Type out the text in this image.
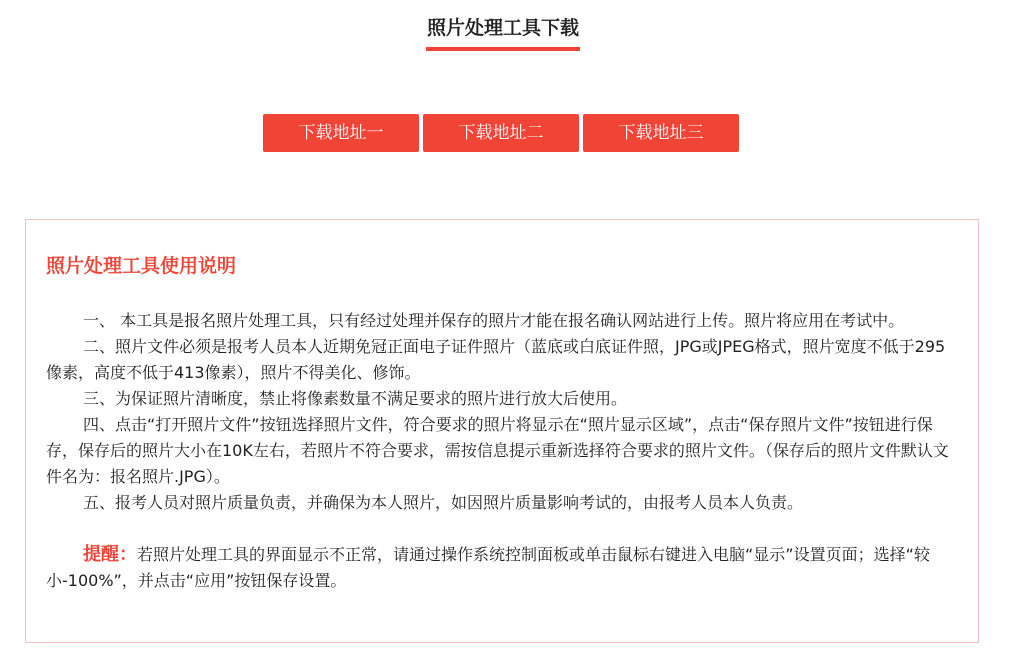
照片处理工具下载
下载地址一	下载地址二	下载地址三
照片处理工具使用说明

一、 本工具是报名照片处理工具，只有经过处理并保存的照片才能在报名确认网站进行上传。照片将应用在考试中。

二、照片文件必须是报考人员本人近期免冠正面电子证件照片（蓝底或白底证件照，JPG或JPEG格式，照片宽度不低于295像素，高度不低于413像素），照片不得美化、修饰。

三、为保证照片清晰度，禁止将像素数量不满足要求的照片进行放大后使用。

四、点击“打开照片文件”按钮选择照片文件，符合要求的照片将显示在“照片显示区域”，点击“保存照片文件”按钮进行保存，保存后的照片大小在10K左右，若照片不符合要求，需按信息提示重新选择符合要求的照片文件。（保存后的照片文件默认文件名为：报名照片.JPG）。

五、报考人员对照片质量负责，并确保为本人照片，如因照片质量影响考试的，由报考人员本人负责。

提醒：若照片处理工具的界面显示不正常，请通过操作系统控制面板或单击鼠标右键进入电脑“显示”设置页面；选择“较小-100%”，并点击“应用”按钮保存设置。
